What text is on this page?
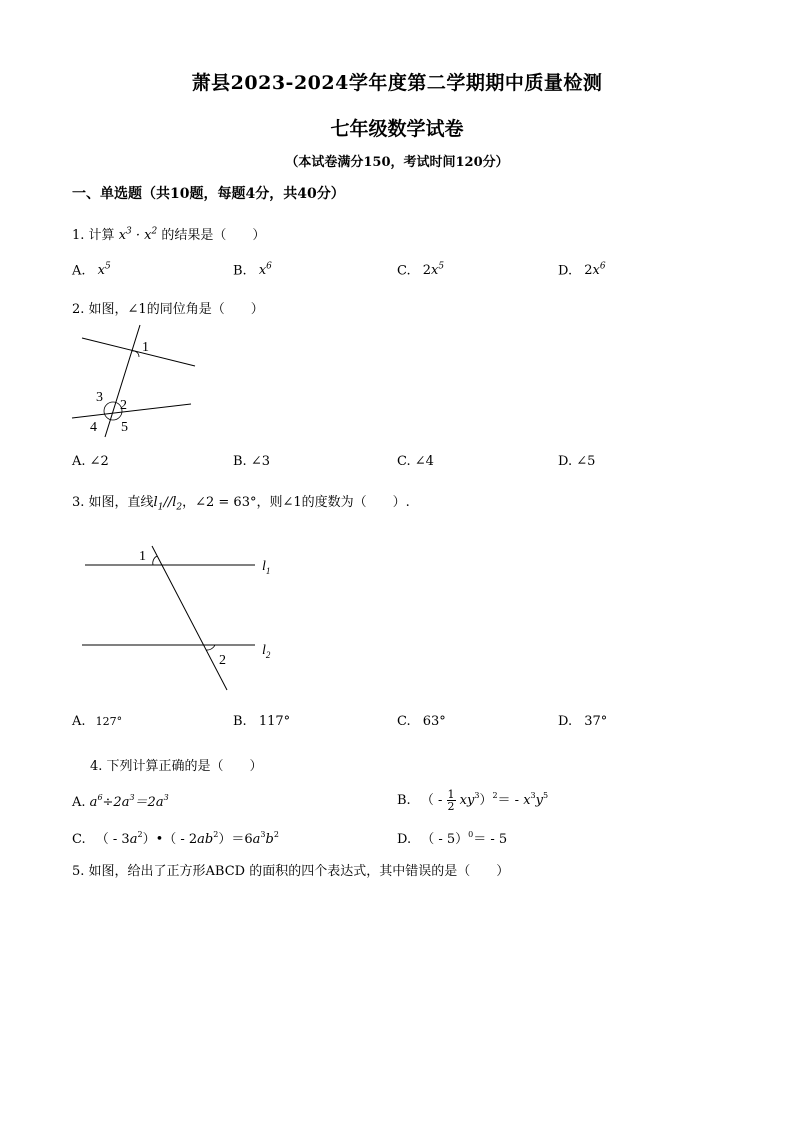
萧县2023-2024学年度第二学期期中质量检测
七年级数学试卷
（本试卷满分150，考试时间120分）
一、单选题（共10题，每题4分，共40分）
1. 计算 $x^3 \cdot x^2$ 的结果是（　　）
A. $x^5$	B. $x^6$	C. $2x^5$	D. $2x^6$
2. 如图，∠1的同位角是（　　）
1
2
3
4 5
A. ∠2	B. ∠3	C. ∠4	D. ∠5
3. 如图，直线$l_1//l_2$，∠2 = 63°，则∠1的度数为（　　）.
1
2
$l_1$
$l_2$
A. 127°	B. 117°	C. 63°	D. 37°
4. 下列计算正确的是（　　）
A. $a^6\div 2a^3=2a^3$	B. （ - $\frac{1}{2} xy^3)^2= - x^3y^5$
C. （ - $3a^2)•( - 2ab^2)=6a^3b^2$	D. （ - 5）$^0$＝ - 5
5. 如图，给出了正方形ABCD 的面积的四个表达式，其中错误的是（　　）
